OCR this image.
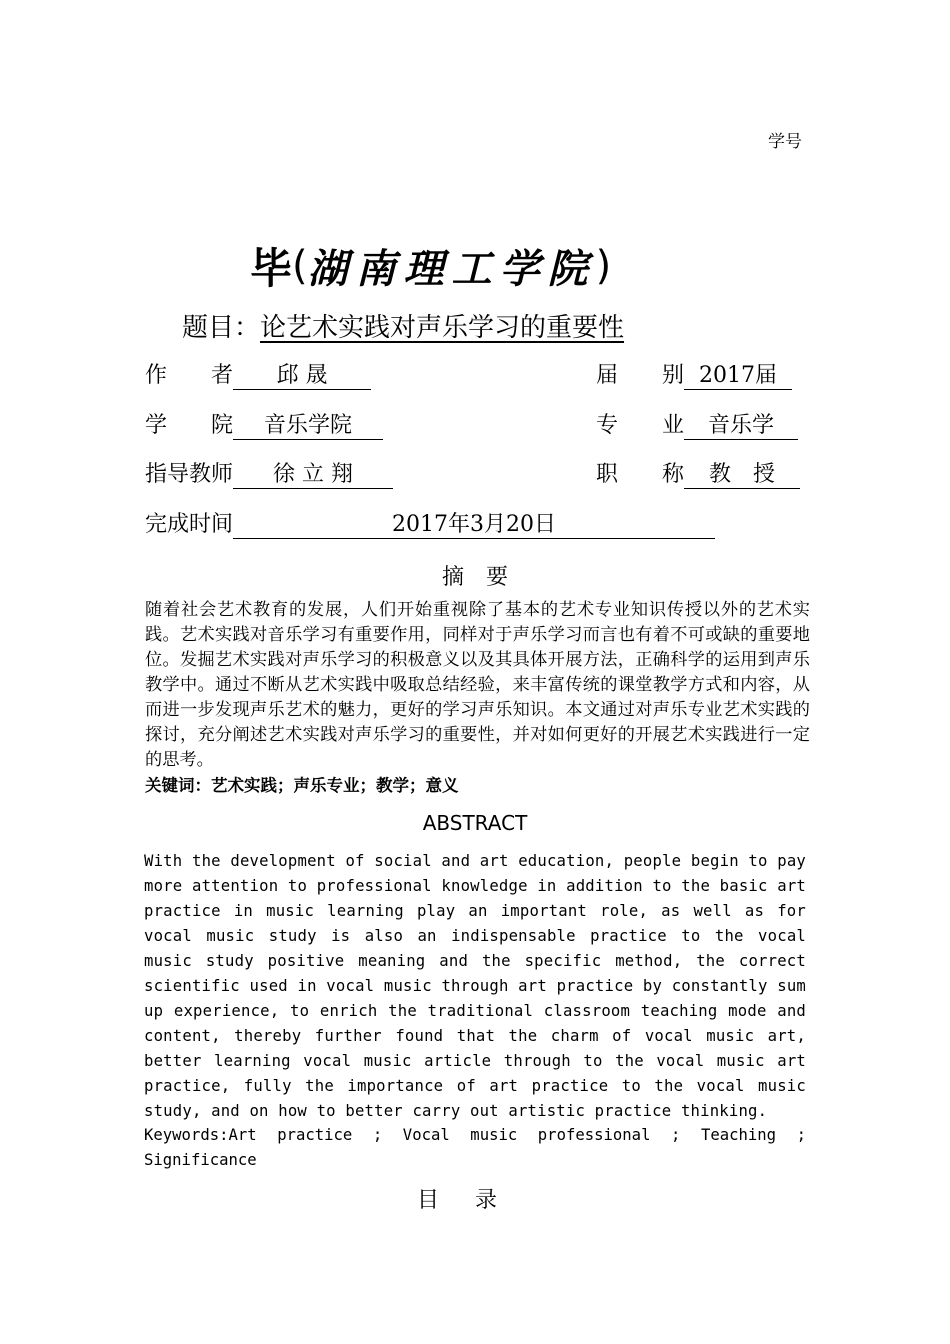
学号
毕(湖南理工学院)
题目：论艺术实践对声乐学习的重要性
作　　者 邱 晟	届　　别 2017届
学　　院 音乐学院	专　　业 音乐学
指导教师 徐 立 翔	职　　称 教　授
完成时间	2017年3月20日
摘要
随着社会艺术教育的发展，人们开始重视除了基本的艺术专业知识传授以外的艺术实践。艺术实践对音乐学习有重要作用，同样对于声乐学习而言也有着不可或缺的重要地位。发掘艺术实践对声乐学习的积极意义以及其具体开展方法，正确科学的运用到声乐教学中。通过不断从艺术实践中吸取总结经验，来丰富传统的课堂教学方式和内容，从而进一步发现声乐艺术的魅力，更好的学习声乐知识。本文通过对声乐专业艺术实践的探讨，充分阐述艺术实践对声乐学习的重要性，并对如何更好的开展艺术实践进行一定的思考。
关键词：艺术实践；声乐专业；教学；意义
ABSTRACT
With the development of social and art education, people begin to pay more attention to professional knowledge in addition to the basic art practice in music learning play an important role, as well as for vocal music study is also an indispensable practice to the vocal music study positive meaning and the specific method, the correct scientific used in vocal music through art practice by constantly sum up experience, to enrich the traditional classroom teaching mode and content, thereby further found that the charm of vocal music art, better learning vocal music article through to the vocal music art practice, fully the importance of art practice to the vocal music study, and on how to better carry out artistic practice thinking.
Keywords:Art practice ; Vocal music professional ; Teaching ; Significance
目录
